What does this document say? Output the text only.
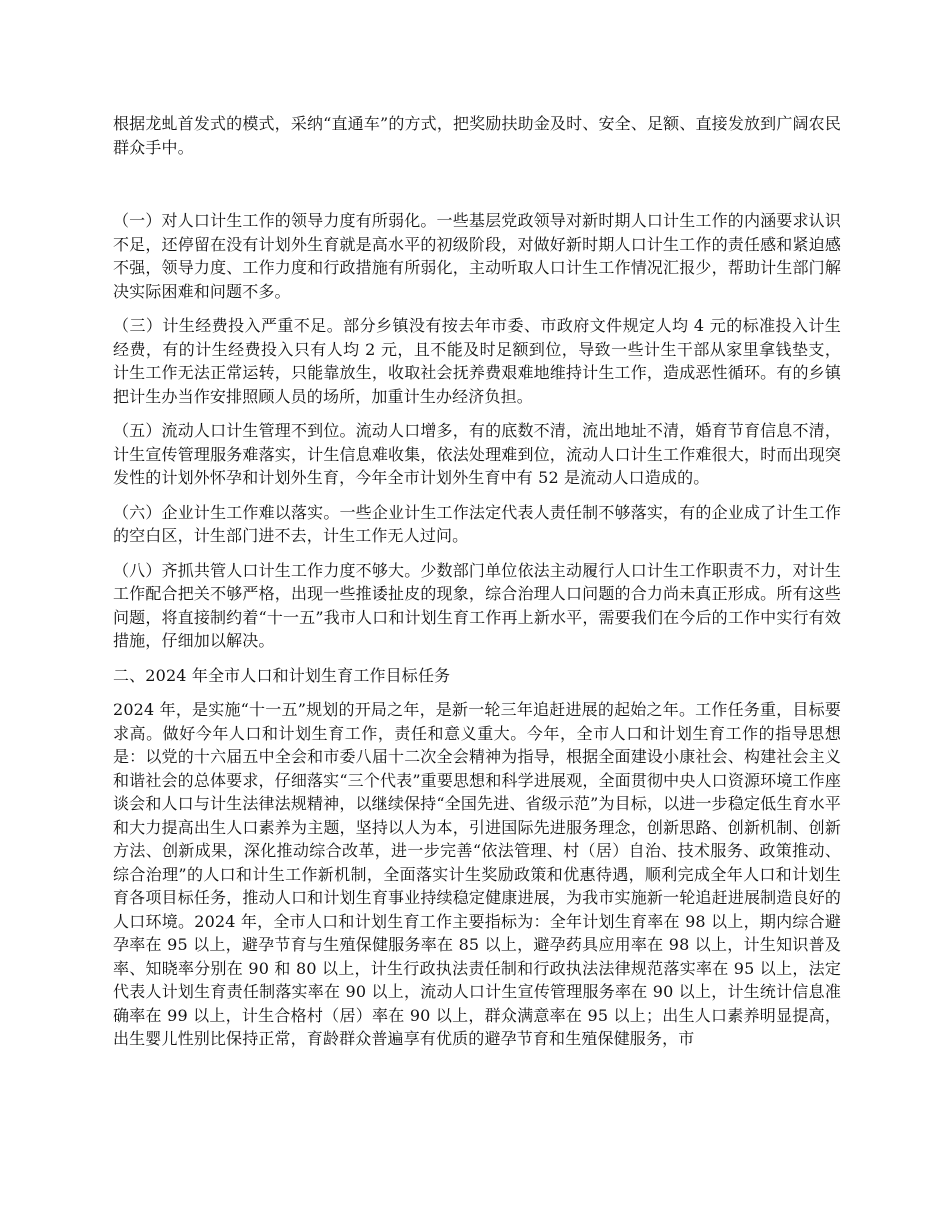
根据龙虬首发式的模式，采纳“直通车”的方式，把奖励扶助金及时、安全、足额、直接发放到广阔农民群众手中。

（一）对人口计生工作的领导力度有所弱化。一些基层党政领导对新时期人口计生工作的内涵要求认识不足，还停留在没有计划外生育就是高水平的初级阶段，对做好新时期人口计生工作的责任感和紧迫感不强，领导力度、工作力度和行政措施有所弱化，主动听取人口计生工作情况汇报少，帮助计生部门解决实际困难和问题不多。

（三）计生经费投入严重不足。部分乡镇没有按去年市委、市政府文件规定人均 4 元的标准投入计生经费，有的计生经费投入只有人均 2 元，且不能及时足额到位，导致一些计生干部从家里拿钱垫支，计生工作无法正常运转，只能靠放生，收取社会抚养费艰难地维持计生工作，造成恶性循环。有的乡镇把计生办当作安排照顾人员的场所，加重计生办经济负担。

（五）流动人口计生管理不到位。流动人口增多，有的底数不清，流出地址不清，婚育节育信息不清，计生宣传管理服务难落实，计生信息难收集，依法处理难到位，流动人口计生工作难很大，时而出现突发性的计划外怀孕和计划外生育，今年全市计划外生育中有 52 是流动人口造成的。

（六）企业计生工作难以落实。一些企业计生工作法定代表人责任制不够落实，有的企业成了计生工作的空白区，计生部门进不去，计生工作无人过问。

（八）齐抓共管人口计生工作力度不够大。少数部门单位依法主动履行人口计生工作职责不力，对计生工作配合把关不够严格，出现一些推诿扯皮的现象，综合治理人口问题的合力尚未真正形成。所有这些问题，将直接制约着“十一五”我市人口和计划生育工作再上新水平，需要我们在今后的工作中实行有效措施，仔细加以解决。

二、2024 年全市人口和计划生育工作目标任务

2024 年，是实施“十一五”规划的开局之年，是新一轮三年追赶进展的起始之年。工作任务重，目标要求高。做好今年人口和计划生育工作，责任和意义重大。今年，全市人口和计划生育工作的指导思想是：以党的十六届五中全会和市委八届十二次全会精神为指导，根据全面建设小康社会、构建社会主义和谐社会的总体要求，仔细落实“三个代表”重要思想和科学进展观，全面贯彻中央人口资源环境工作座谈会和人口与计生法律法规精神，以继续保持“全国先进、省级示范”为目标，以进一步稳定低生育水平和大力提高出生人口素养为主题，坚持以人为本，引进国际先进服务理念，创新思路、创新机制、创新方法、创新成果，深化推动综合改革，进一步完善“依法管理、村（居）自治、技术服务、政策推动、综合治理”的人口和计生工作新机制，全面落实计生奖励政策和优惠待遇，顺利完成全年人口和计划生育各项目标任务，推动人口和计划生育事业持续稳定健康进展，为我市实施新一轮追赶进展制造良好的人口环境。2024 年，全市人口和计划生育工作主要指标为：全年计划生育率在 98 以上，期内综合避孕率在 95 以上，避孕节育与生殖保健服务率在 85 以上，避孕药具应用率在 98 以上，计生知识普及率、知晓率分别在 90 和 80 以上，计生行政执法责任制和行政执法法律规范落实率在 95 以上，法定代表人计划生育责任制落实率在 90 以上，流动人口计生宣传管理服务率在 90 以上，计生统计信息准确率在 99 以上，计生合格村（居）率在 90 以上，群众满意率在 95 以上；出生人口素养明显提高，出生婴儿性别比保持正常，育龄群众普遍享有优质的避孕节育和生殖保健服务，市
